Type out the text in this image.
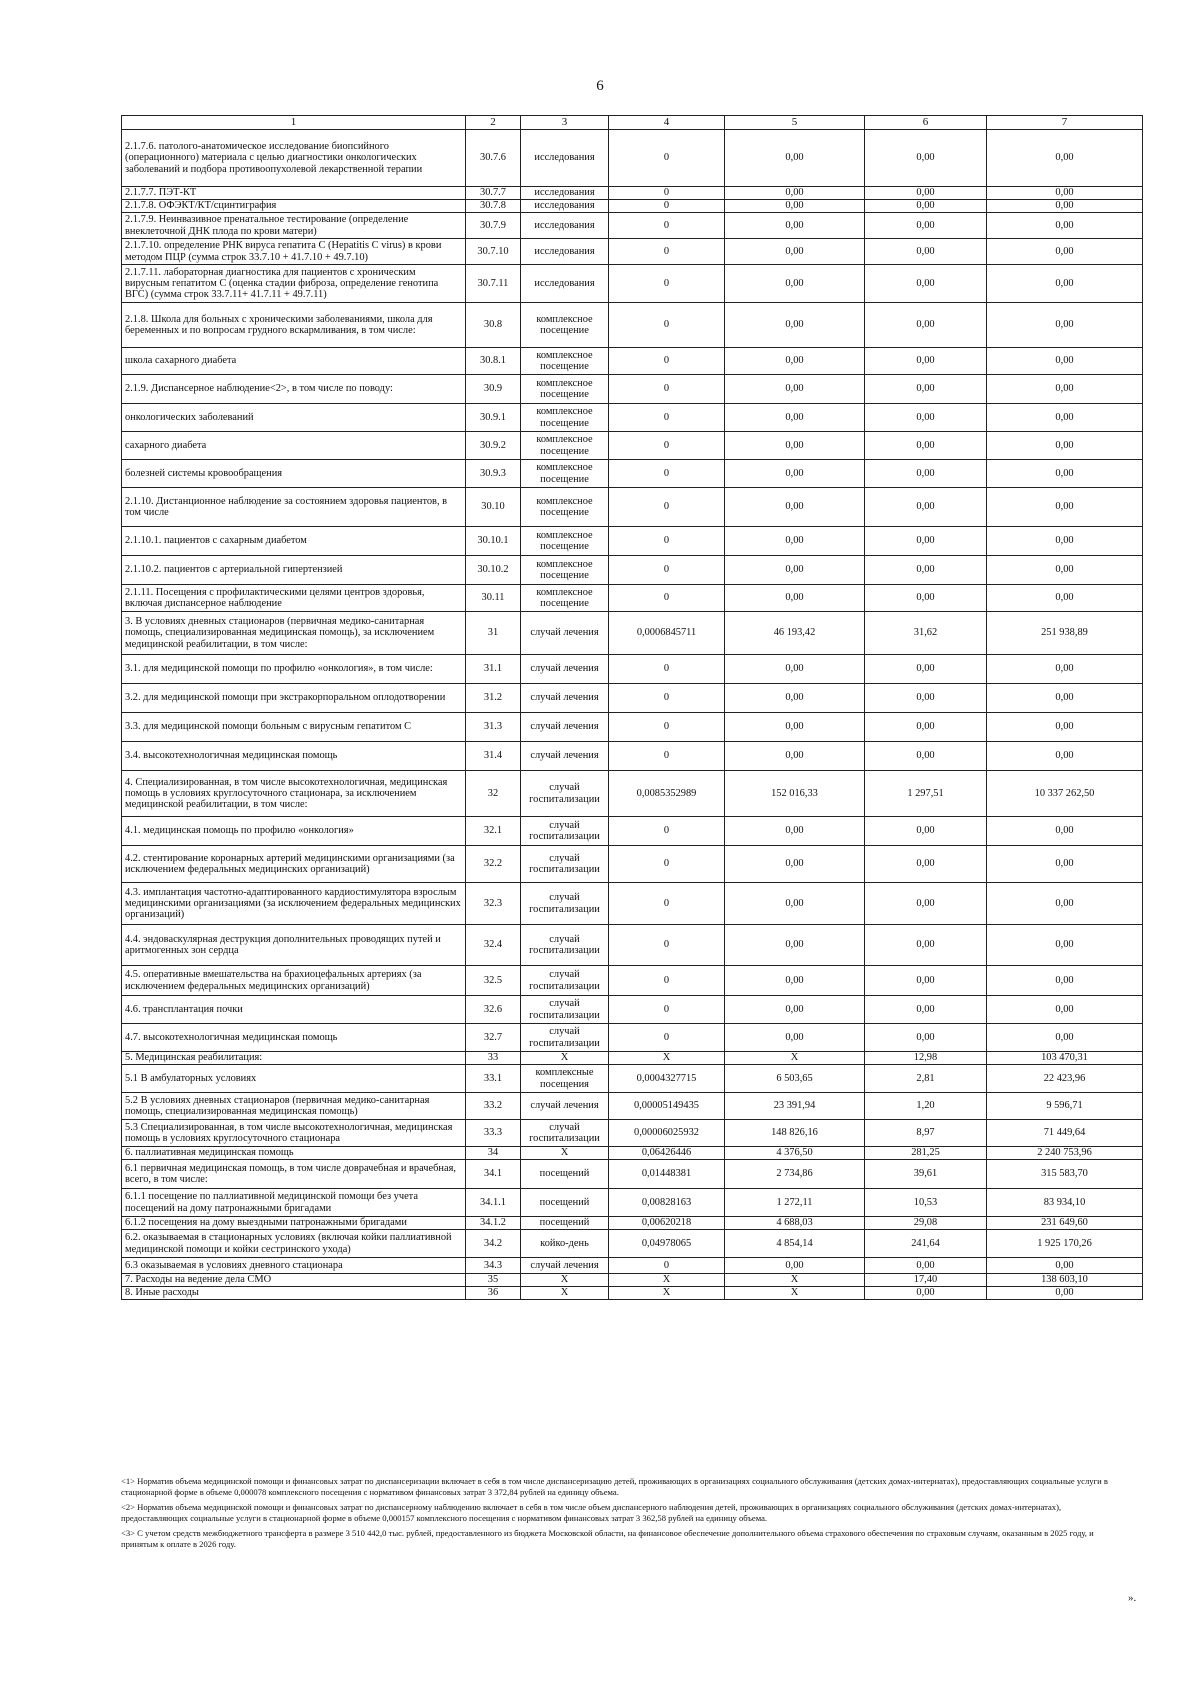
6
1	2	3	4	5	6	7
2.1.7.6. патолого-анатомическое исследование биопсийного (операционного) материала с целью диагностики онкологических заболеваний и подбора противоопухолевой лекарственной терапии	30.7.6	исследования	0	0,00	0,00	0,00
2.1.7.7. ПЭТ-КТ	30.7.7	исследования	0	0,00	0,00	0,00
2.1.7.8. ОФЭКТ/КТ/сцинтиграфия	30.7.8	исследования	0	0,00	0,00	0,00
2.1.7.9. Неинвазивное пренатальное тестирование (определение внеклеточной ДНК плода по крови матери)	30.7.9	исследования	0	0,00	0,00	0,00
2.1.7.10. определение РНК вируса гепатита С (Hepatitis C virus) в крови методом ПЦР (сумма строк 33.7.10 + 41.7.10 + 49.7.10)	30.7.10	исследования	0	0,00	0,00	0,00
2.1.7.11. лабораторная диагностика для пациентов с хроническим вирусным гепатитом С (оценка стадии фиброза, определение генотипа ВГС) (сумма строк 33.7.11+ 41.7.11 + 49.7.11)	30.7.11	исследования	0	0,00	0,00	0,00
2.1.8. Школа для больных с хроническими заболеваниями, школа для беременных и по вопросам грудного вскармливания, в том числе:	30.8	комплексное посещение	0	0,00	0,00	0,00
школа сахарного диабета	30.8.1	комплексное посещение	0	0,00	0,00	0,00
2.1.9. Диспансерное наблюдение<2>, в том числе по поводу:	30.9	комплексное посещение	0	0,00	0,00	0,00
онкологических заболеваний	30.9.1	комплексное посещение	0	0,00	0,00	0,00
сахарного диабета	30.9.2	комплексное посещение	0	0,00	0,00	0,00
болезней системы кровообращения	30.9.3	комплексное посещение	0	0,00	0,00	0,00
2.1.10. Дистанционное наблюдение за состоянием здоровья пациентов, в том числе	30.10	комплексное посещение	0	0,00	0,00	0,00
2.1.10.1. пациентов с сахарным диабетом	30.10.1	комплексное посещение	0	0,00	0,00	0,00
2.1.10.2. пациентов с артериальной гипертензией	30.10.2	комплексное посещение	0	0,00	0,00	0,00
2.1.11. Посещения с профилактическими целями центров здоровья, включая диспансерное наблюдение	30.11	комплексное посещение	0	0,00	0,00	0,00
3. В условиях дневных стационаров (первичная медико-санитарная помощь, специализированная медицинская помощь), за исключением медицинской реабилитации, в том числе:	31	случай лечения	0,0006845711	46 193,42	31,62	251 938,89
3.1. для медицинской помощи по профилю «онкология», в том числе:	31.1	случай лечения	0	0,00	0,00	0,00
3.2. для медицинской помощи при экстракорпоральном оплодотворении	31.2	случай лечения	0	0,00	0,00	0,00
3.3. для медицинской помощи больным с вирусным гепатитом С	31.3	случай лечения	0	0,00	0,00	0,00
3.4. высокотехнологичная медицинская помощь	31.4	случай лечения	0	0,00	0,00	0,00
4. Специализированная, в том числе высокотехнологичная, медицинская помощь в условиях круглосуточного стационара, за исключением медицинской реабилитации, в том числе:	32	случай госпитализации	0,0085352989	152 016,33	1 297,51	10 337 262,50
4.1. медицинская помощь по профилю «онкология»	32.1	случай госпитализации	0	0,00	0,00	0,00
4.2. стентирование коронарных артерий медицинскими организациями (за исключением федеральных медицинских организаций)	32.2	случай госпитализации	0	0,00	0,00	0,00
4.3. имплантация частотно-адаптированного кардиостимулятора взрослым медицинскими организациями (за исключением федеральных медицинских организаций)	32.3	случай госпитализации	0	0,00	0,00	0,00
4.4. эндоваскулярная деструкция дополнительных проводящих путей и аритмогенных зон сердца	32.4	случай госпитализации	0	0,00	0,00	0,00
4.5. оперативные вмешательства на брахиоцефальных артериях (за исключением федеральных медицинских организаций)	32.5	случай госпитализации	0	0,00	0,00	0,00
4.6. трансплантация почки	32.6	случай госпитализации	0	0,00	0,00	0,00
4.7. высокотехнологичная медицинская помощь	32.7	случай госпитализации	0	0,00	0,00	0,00
5. Медицинская реабилитация:	33	X	X	X	12,98	103 470,31
5.1 В амбулаторных условиях	33.1	комплексные посещения	0,0004327715	6 503,65	2,81	22 423,96
5.2 В условиях дневных стационаров (первичная медико-санитарная помощь, специализированная медицинская помощь)	33.2	случай лечения	0,00005149435	23 391,94	1,20	9 596,71
5.3 Специализированная, в том числе высокотехнологичная, медицинская помощь в условиях круглосуточного стационара	33.3	случай госпитализации	0,00006025932	148 826,16	8,97	71 449,64
6. паллиативная медицинская помощь	34	X	0,06426446	4 376,50	281,25	2 240 753,96
6.1 первичная медицинская помощь, в том числе доврачебная и врачебная, всего, в том числе:	34.1	посещений	0,01448381	2 734,86	39,61	315 583,70
6.1.1 посещение по паллиативной медицинской помощи без учета посещений на дому патронажными бригадами	34.1.1	посещений	0,00828163	1 272,11	10,53	83 934,10
6.1.2 посещения на дому выездными патронажными бригадами	34.1.2	посещений	0,00620218	4 688,03	29,08	231 649,60
6.2. оказываемая в стационарных условиях (включая койки паллиативной медицинской помощи и койки сестринского ухода)	34.2	койко-день	0,04978065	4 854,14	241,64	1 925 170,26
6.3 оказываемая в условиях дневного стационара	34.3	случай лечения	0	0,00	0,00	0,00
7. Расходы на ведение дела СМО	35	X	X	X	17,40	138 603,10
8. Иные расходы	36	X	X	X	0,00	0,00

<1> Норматив объема медицинской помощи и финансовых затрат по диспансеризации включает в себя в том числе диспансеризацию детей, проживающих в организациях социального обслуживания (детских домах-интернатах), предоставляющих социальные услуги в стационарной форме в объеме 0,000078 комплексного посещения с нормативом финансовых затрат 3 372,84 рублей на единицу объема.

<2> Норматив объема медицинской помощи и финансовых затрат по диспансерному наблюдению включает в себя в том числе объем диспансерного наблюдения детей, проживающих в организациях социального обслуживания (детских домах-интернатах), предоставляющих социальные услуги в стационарной форме в объеме 0,000157 комплексного посещения с нормативом финансовых затрат 3 362,58 рублей на единицу объема.

<3> С учетом средств межбюджетного трансферта в размере 3 510 442,0 тыс. рублей, предоставленного из бюджета Московской области, на финансовое обеспечение дополнительного объема страхового обеспечения по страховым случаям, оказанным в 2025 году, и принятым к оплате в 2026 году.

».
